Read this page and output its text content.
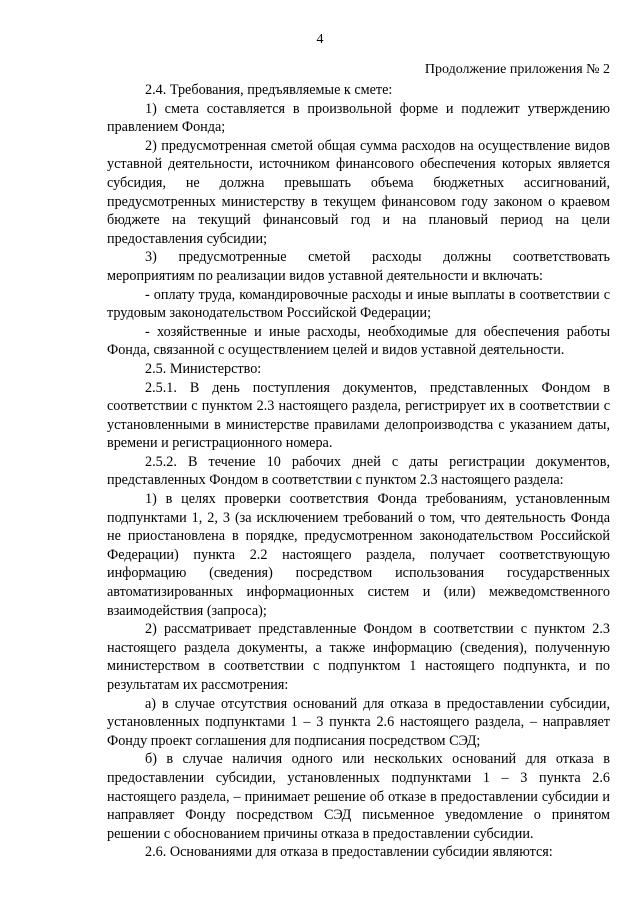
4
Продолжение приложения № 2

2.4. Требования, предъявляемые к смете:

1) смета составляется в произвольной форме и подлежит утверждению правлением Фонда;

2) предусмотренная сметой общая сумма расходов на осуществление видов уставной деятельности, источником финансового обеспечения которых является субсидия, не должна превышать объема бюджетных ассигнований, предусмотренных министерству в текущем финансовом году законом о краевом бюджете на текущий финансовый год и на плановый период на цели предоставления субсидии;

3) предусмотренные сметой расходы должны соответствовать мероприятиям по реализации видов уставной деятельности и включать:

- оплату труда, командировочные расходы и иные выплаты в соответствии с трудовым законодательством Российской Федерации;

- хозяйственные и иные расходы, необходимые для обеспечения работы Фонда, связанной с осуществлением целей и видов уставной деятельности.

2.5. Министерство:

2.5.1. В день поступления документов, представленных Фондом в соответствии с пунктом 2.3 настоящего раздела, регистрирует их в соответствии с установленными в министерстве правилами делопроизводства с указанием даты, времени и регистрационного номера.

2.5.2. В течение 10 рабочих дней с даты регистрации документов, представленных Фондом в соответствии с пунктом 2.3 настоящего раздела:

1) в целях проверки соответствия Фонда требованиям, установленным подпунктами 1, 2, 3 (за исключением требований о том, что деятельность Фонда не приостановлена в порядке, предусмотренном законодательством Российской Федерации) пункта 2.2 настоящего раздела, получает соответствующую информацию (сведения) посредством использования государственных автоматизированных информационных систем и (или) межведомственного взаимодействия (запроса);

2) рассматривает представленные Фондом в соответствии с пунктом 2.3 настоящего раздела документы, а также информацию (сведения), полученную министерством в соответствии с подпунктом 1 настоящего подпункта, и по результатам их рассмотрения:

а) в случае отсутствия оснований для отказа в предоставлении субсидии, установленных подпунктами 1 – 3 пункта 2.6 настоящего раздела, – направляет Фонду проект соглашения для подписания посредством СЭД;

б) в случае наличия одного или нескольких оснований для отказа в предоставлении субсидии, установленных подпунктами 1 – 3 пункта 2.6 настоящего раздела, – принимает решение об отказе в предоставлении субсидии и направляет Фонду посредством СЭД письменное уведомление о принятом решении с обоснованием причины отказа в предоставлении субсидии.

2.6. Основаниями для отказа в предоставлении субсидии являются:
